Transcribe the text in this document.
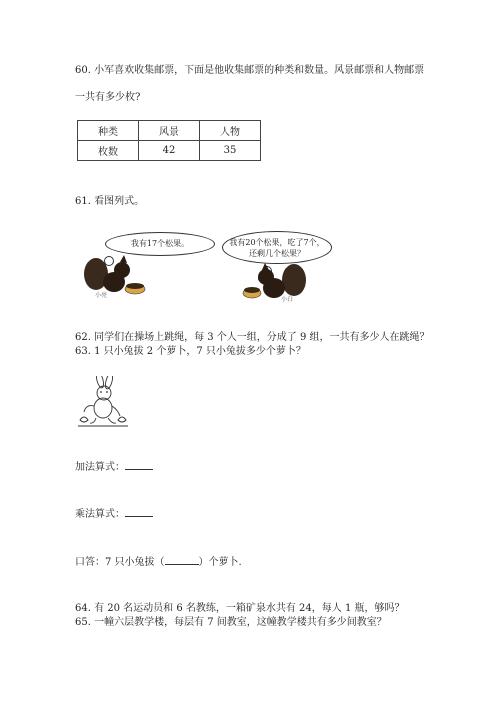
60. 小军喜欢收集邮票，下面是他收集邮票的种类和数量。风景邮票和人物邮票
一共有多少枚?
种类	风景	人物
枚数	42	35
61. 看图列式。
我有17个松果。
小亮
我有20个松果，吃了7个，
还剩几个松果？
小白
62. 同学们在操场上跳绳，每 3 个人一组，分成了 9 组，一共有多少人在跳绳？
63. 1 只小兔拔 2 个萝卜，7 只小兔拔多少个萝卜？
加法算式：
乘法算式：
口答：7 只小兔拔（	）个萝卜.
64. 有 20 名运动员和 6 名教练，一箱矿泉水共有 24，每人 1 瓶，够吗？
65. 一幢六层教学楼，每层有 7 间教室，这幢教学楼共有多少间教室？
